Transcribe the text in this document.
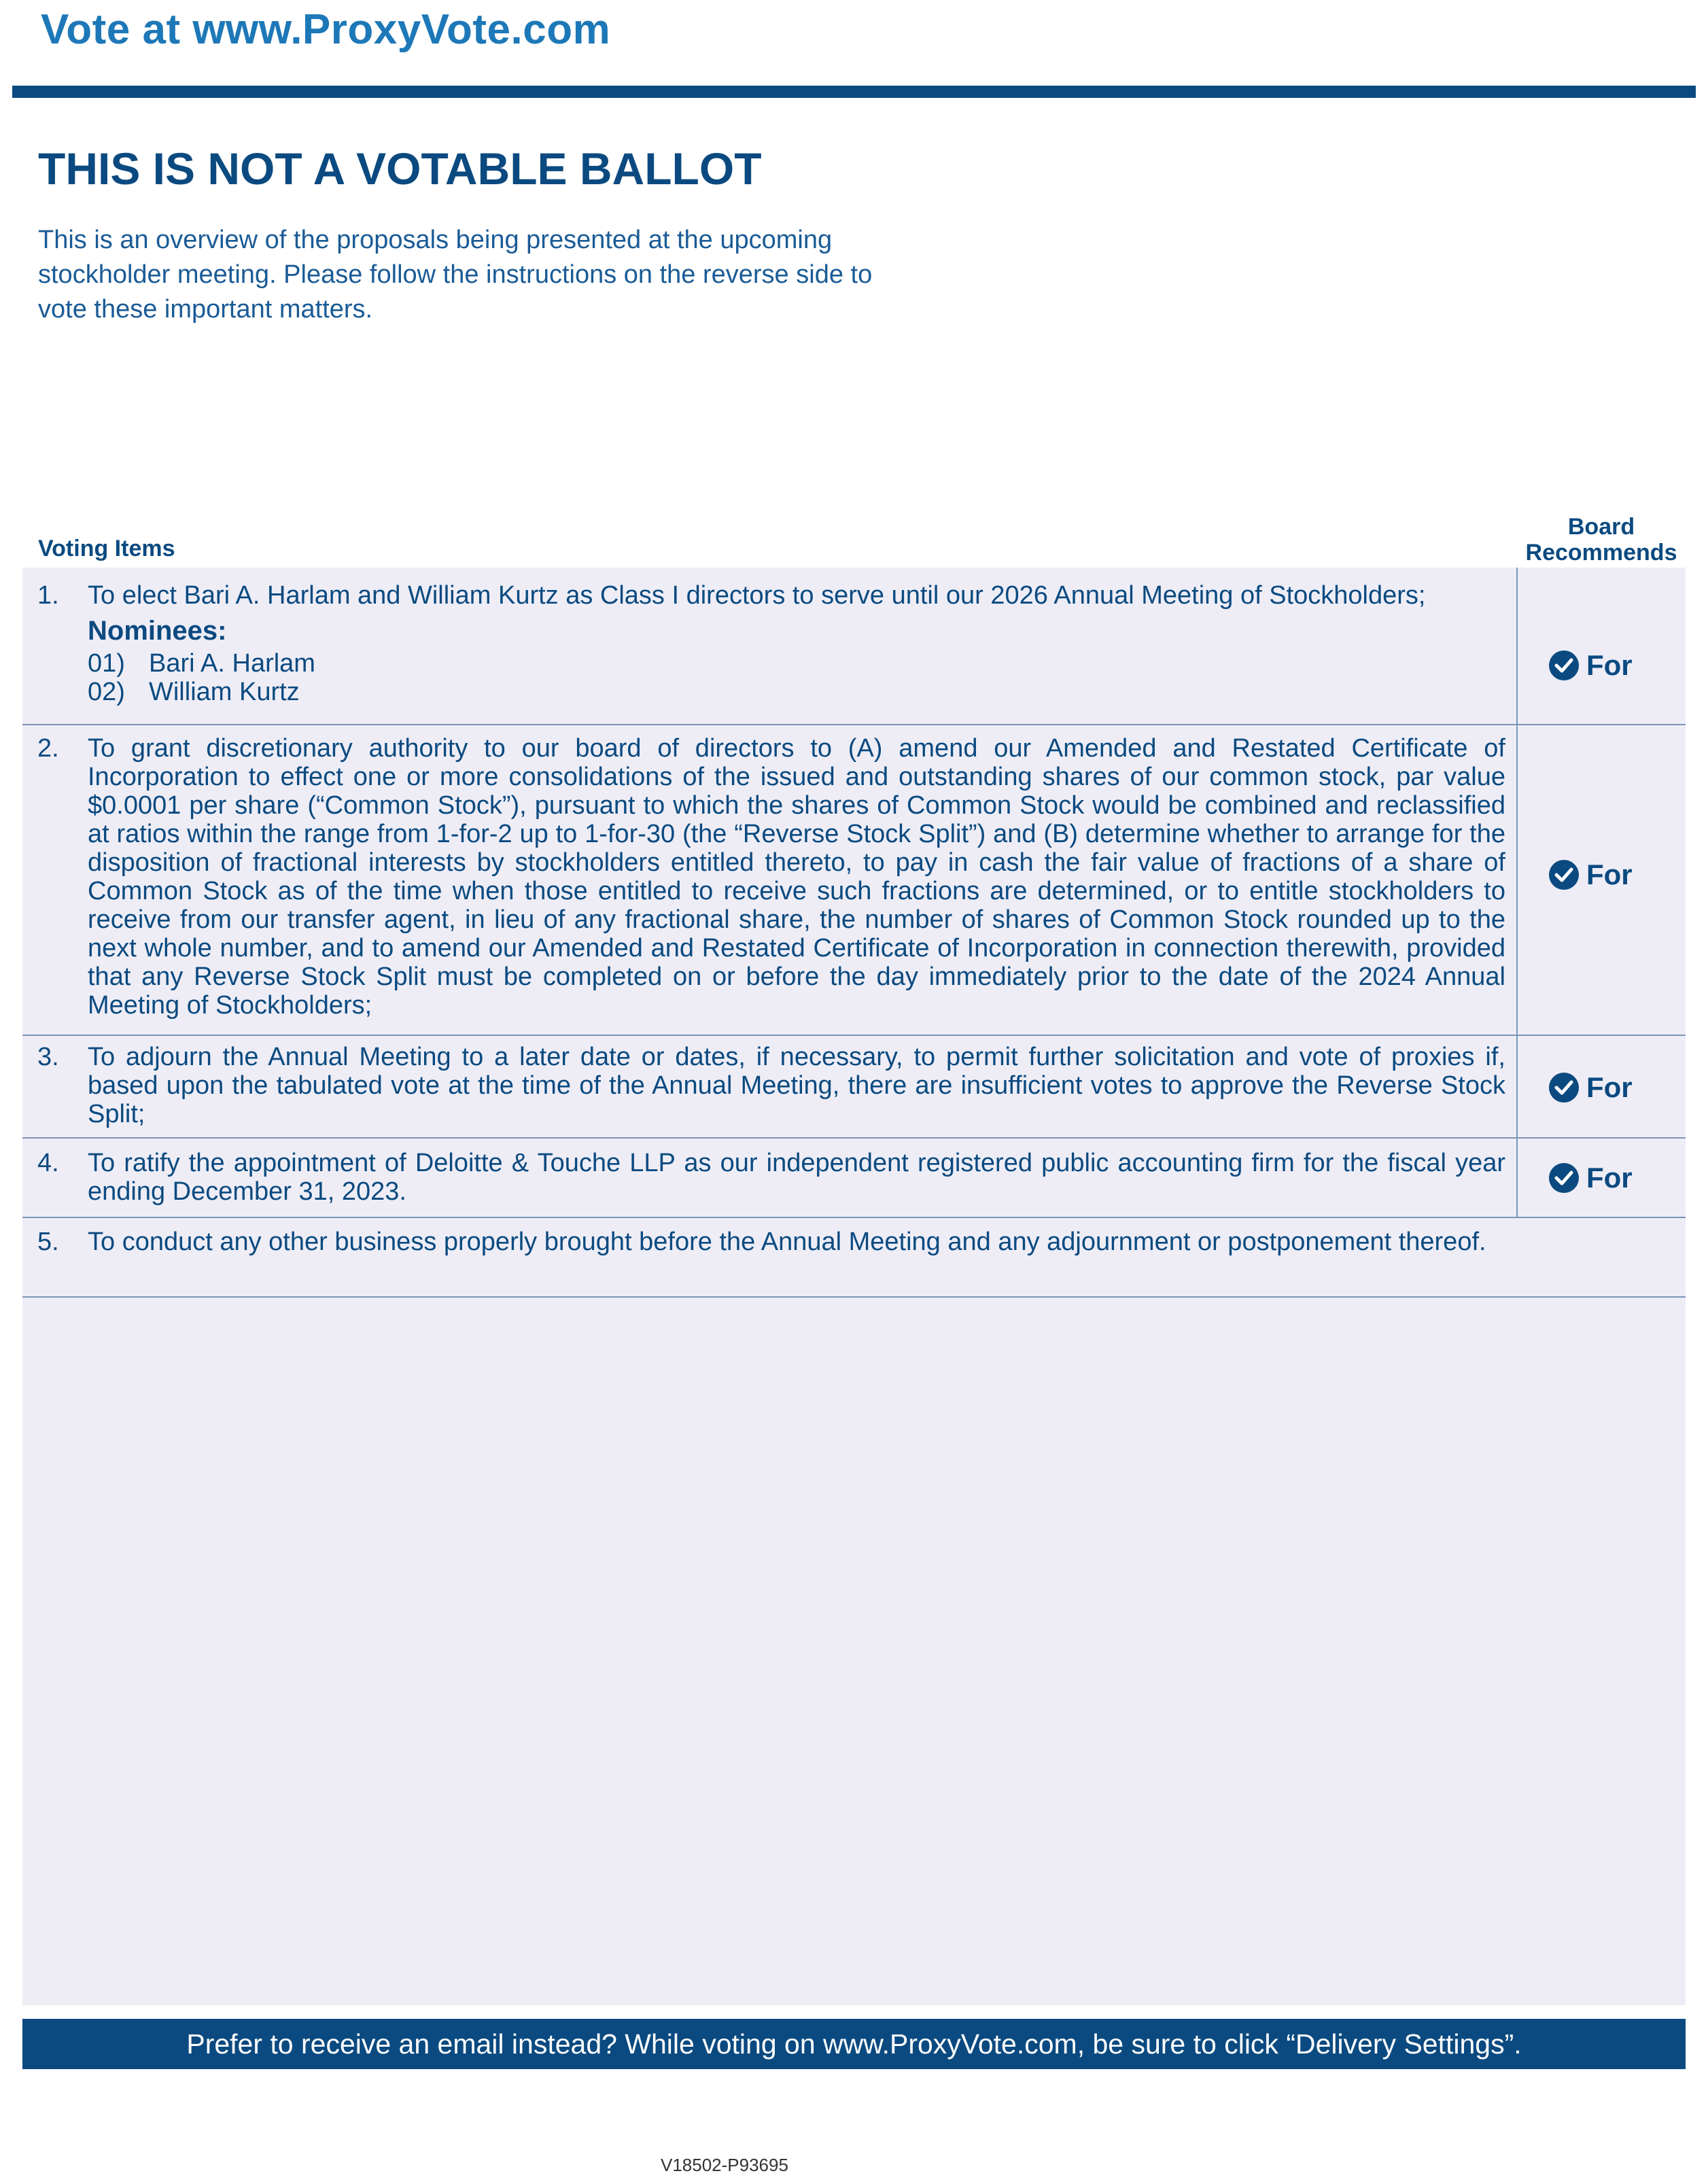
Vote at www.ProxyVote.com
THIS IS NOT A VOTABLE BALLOT
This is an overview of the proposals being presented at the upcoming stockholder meeting. Please follow the instructions on the reverse side to vote these important matters.
Voting Items
Board
Recommends
1. To elect Bari A. Harlam and William Kurtz as Class I directors to serve until our 2026 Annual Meeting of Stockholders;
Nominees:
01) Bari A. Harlam
02) William Kurtz
For
2. To grant discretionary authority to our board of directors to (A) amend our Amended and Restated Certificate of Incorporation to effect one or more consolidations of the issued and outstanding shares of our common stock, par value $0.0001 per share (“Common Stock”), pursuant to which the shares of Common Stock would be combined and reclassified at ratios within the range from 1-for-2 up to 1-for-30 (the “Reverse Stock Split”) and (B) determine whether to arrange for the disposition of fractional interests by stockholders entitled thereto, to pay in cash the fair value of fractions of a share of Common Stock as of the time when those entitled to receive such fractions are determined, or to entitle stockholders to receive from our transfer agent, in lieu of any fractional share, the number of shares of Common Stock rounded up to the next whole number, and to amend our Amended and Restated Certificate of Incorporation in connection therewith, provided that any Reverse Stock Split must be completed on or before the day immediately prior to the date of the 2024 Annual Meeting of Stockholders;
For
3. To adjourn the Annual Meeting to a later date or dates, if necessary, to permit further solicitation and vote of proxies if, based upon the tabulated vote at the time of the Annual Meeting, there are insufficient votes to approve the Reverse Stock Split;
For
4. To ratify the appointment of Deloitte & Touche LLP as our independent registered public accounting firm for the fiscal year ending December 31, 2023.	For
5. To conduct any other business properly brought before the Annual Meeting and any adjournment or postponement thereof.
Prefer to receive an email instead? While voting on www.ProxyVote.com, be sure to click “Delivery Settings”.
V18502-P93695
